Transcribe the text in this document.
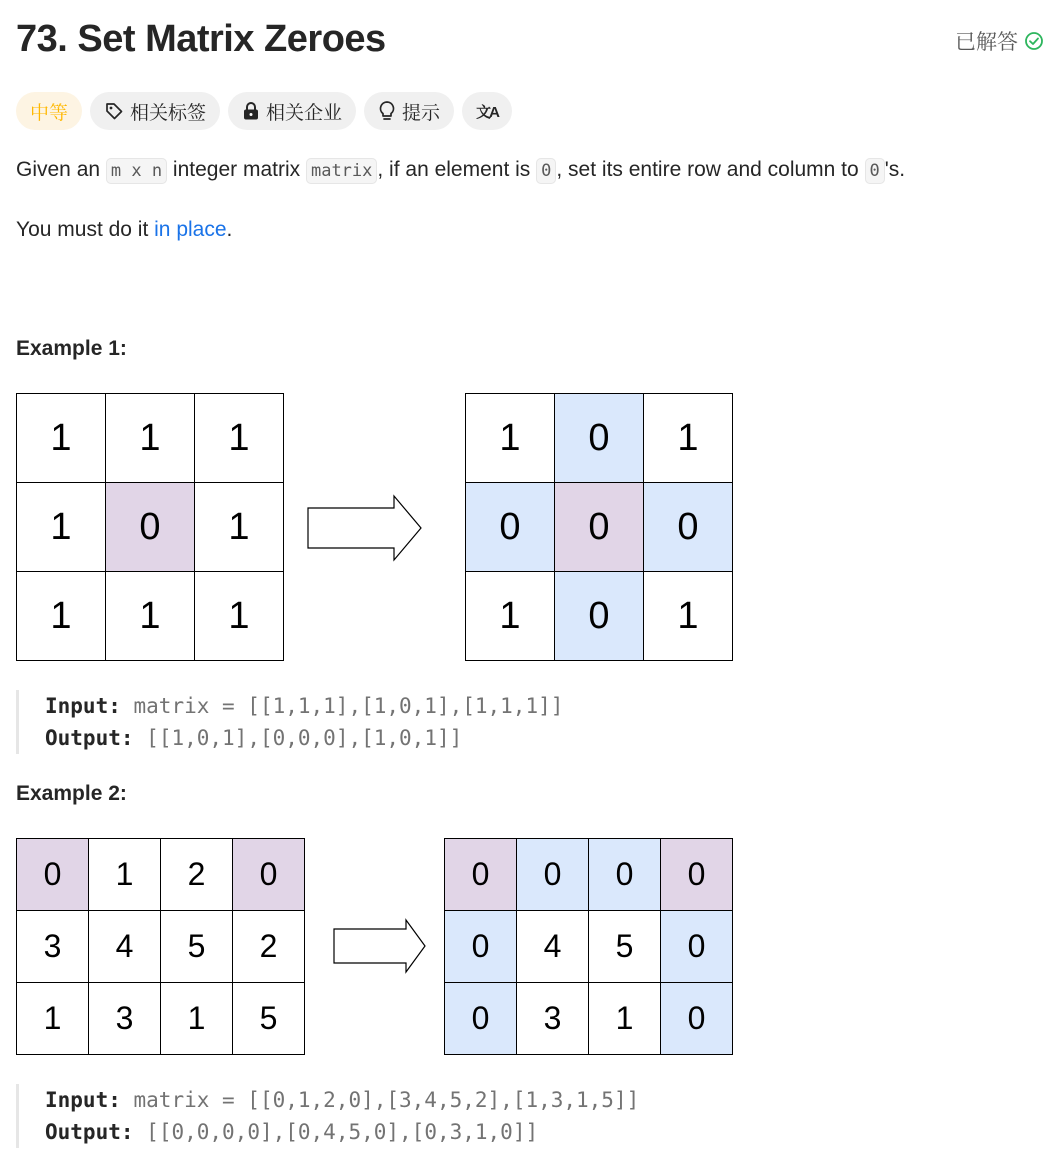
73. Set Matrix Zeroes	已解答
中等	相关标签	相关企业	提示 文A

Given an m x n integer matrix matrix , if an element is 0 , set its entire row and column to 0 's.

You must do it in place.

Example 1:
1	1	1
1	0	1
1	1	1
1	0	1
0	0	0
1	0	1
Input: matrix = [[1,1,1],[1,0,1],[1,1,1]]
Output: [[1,0,1],[0,0,0],[1,0,1]]
Example 2:
0	1	2	0
3	4	5	2
1	3	1	5
0	0	0	0
0	4	5	0
0	3	1	0
Input: matrix = [[0,1,2,0],[3,4,5,2],[1,3,1,5]]
Output: [[0,0,0,0],[0,4,5,0],[0,3,1,0]]
